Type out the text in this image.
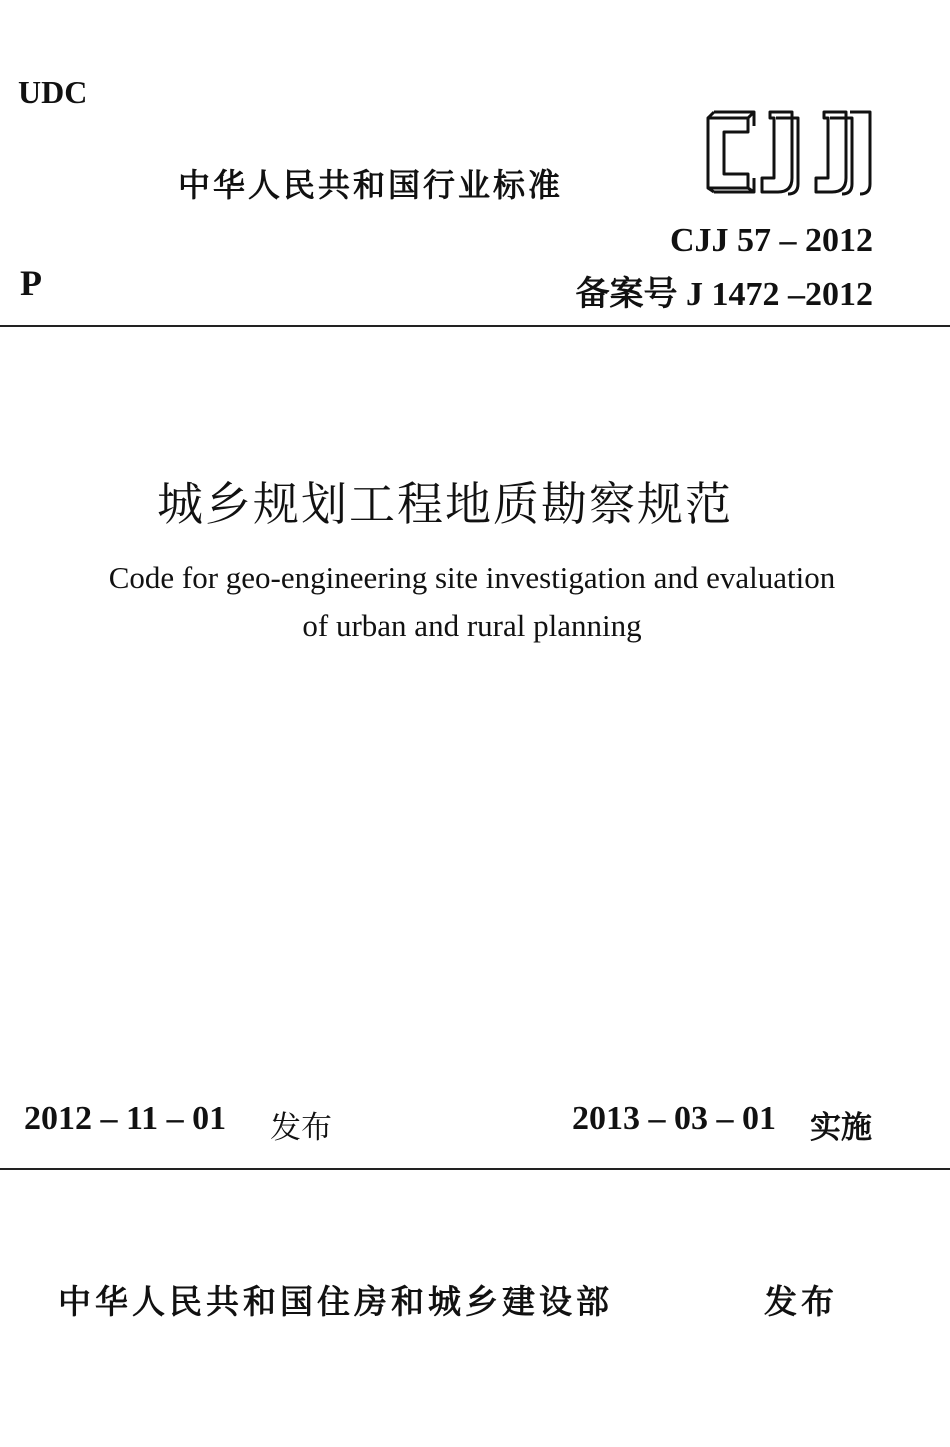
UDC
中华人民共和国行业标准
CJJ 57 – 2012
P	备案号 J 1472 –2012
城乡规划工程地质勘察规范
Code for geo-engineering site investigation and evaluation
of urban and rural planning
2012 – 11 – 01 发布	2013 – 03 – 01 实施
中华人民共和国住房和城乡建设部	发布
